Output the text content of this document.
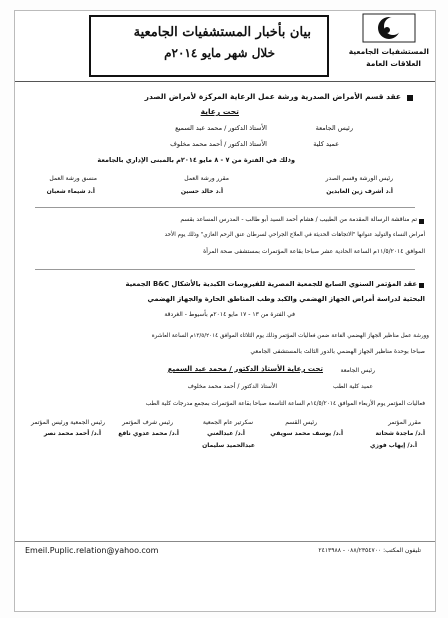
بيان بأخبار المستشفيات الجامعية
خلال شهر مايو ٢٠١٤م	المستشفيات الجامعية
العلاقات العامة
عقد قسم الأمراض الصدرية ورشة عمل الرعاية المركزة لأمراض الصدر
تحت رعاية
الأستاذ الدكتور / محمد عبد السميع	رئيس الجامعة
الأستاذ الدكتور / أحمد محمد مخلوف	عميد كلية
وذلك في الفترة من ٧ - ٨ مايو ٢٠١٤م بالمبنى الإداري بالجامعة
رئيس الورشة وقسم الصدر
أ.د أشرف زين العابدين
مقرر ورشة العمل
أ.د خالد حسين
منسق ورشة العمل
أ.د شيماء شعبان
تم مناقشة الرسالة المقدمة من الطبيب / هشام أحمد السيد أبو طالب - المدرس المساعد بقسم
أمراض النساء والتوليد عنوانها "الاتجاهات الحديثة في العلاج الجراحي لسرطان عنق الرحم الغازي" وذلك يوم الأحد
الموافق ١١/٥/٢٠١٤م الساعة الحادية عشر صباحا بقاعة المؤتمرات بمستشفى صحة المرأة
عقد المؤتمر السنوي السابع للجمعية المصرية للفيروسات الكبدية بالأشكال B&C الجمعية
البحثية لدراسة أمراض الجهاز الهضمي والكبد وطب المناطق الحارة والجهاز الهضمي
في الفترة من ١٣ - ١٧ مايو ٢٠١٤م بأسيوط - الغردقة
وورشة عمل مناظير الجهاز الهضمي القاعة ضمن فعاليات المؤتمر وذلك يوم الثلاثاء الموافق ١٣/٥/٢٠١٤م الساعة العاشرة
صباحا بوحدة مناظير الجهاز الهضمي بالدور الثالث بالمستشفى الجامعي
تحت رعاية الأستاذ الدكتور / محمد عبد السميع	رئيس الجامعة
الأستاذ الدكتور / أحمد محمد مخلوف	عميد كلية الطب
فعاليات المؤتمر يوم الأربعاء الموافق ١٤/٥/٢٠١٤م الساعة التاسعة صباحا بقاعة المؤتمرات بمجمع مدرجات كلية الطب
مقرر المؤتمر
أ.د/ ماجدة شحاتة
أ.د/ إيهاب فوزي
رئيس القسم
أ.د/ يوسف محمد سويفي
سكرتير عام الجمعية
أ.د/ عبدالغني
عبدالحميد سليمان
رئيس شرف المؤتمر
أ.د/ محمد عدوي نافع
رئيس الجمعية ورئيس المؤتمر
أ.د/ أحمد محمد نصر
Emeil.Puplic.relation@yahoo.com	تليفون المكتب: ٠٨٨/٢٣٥٤٧٠٠ - ٢٤١٣٩٨٨
